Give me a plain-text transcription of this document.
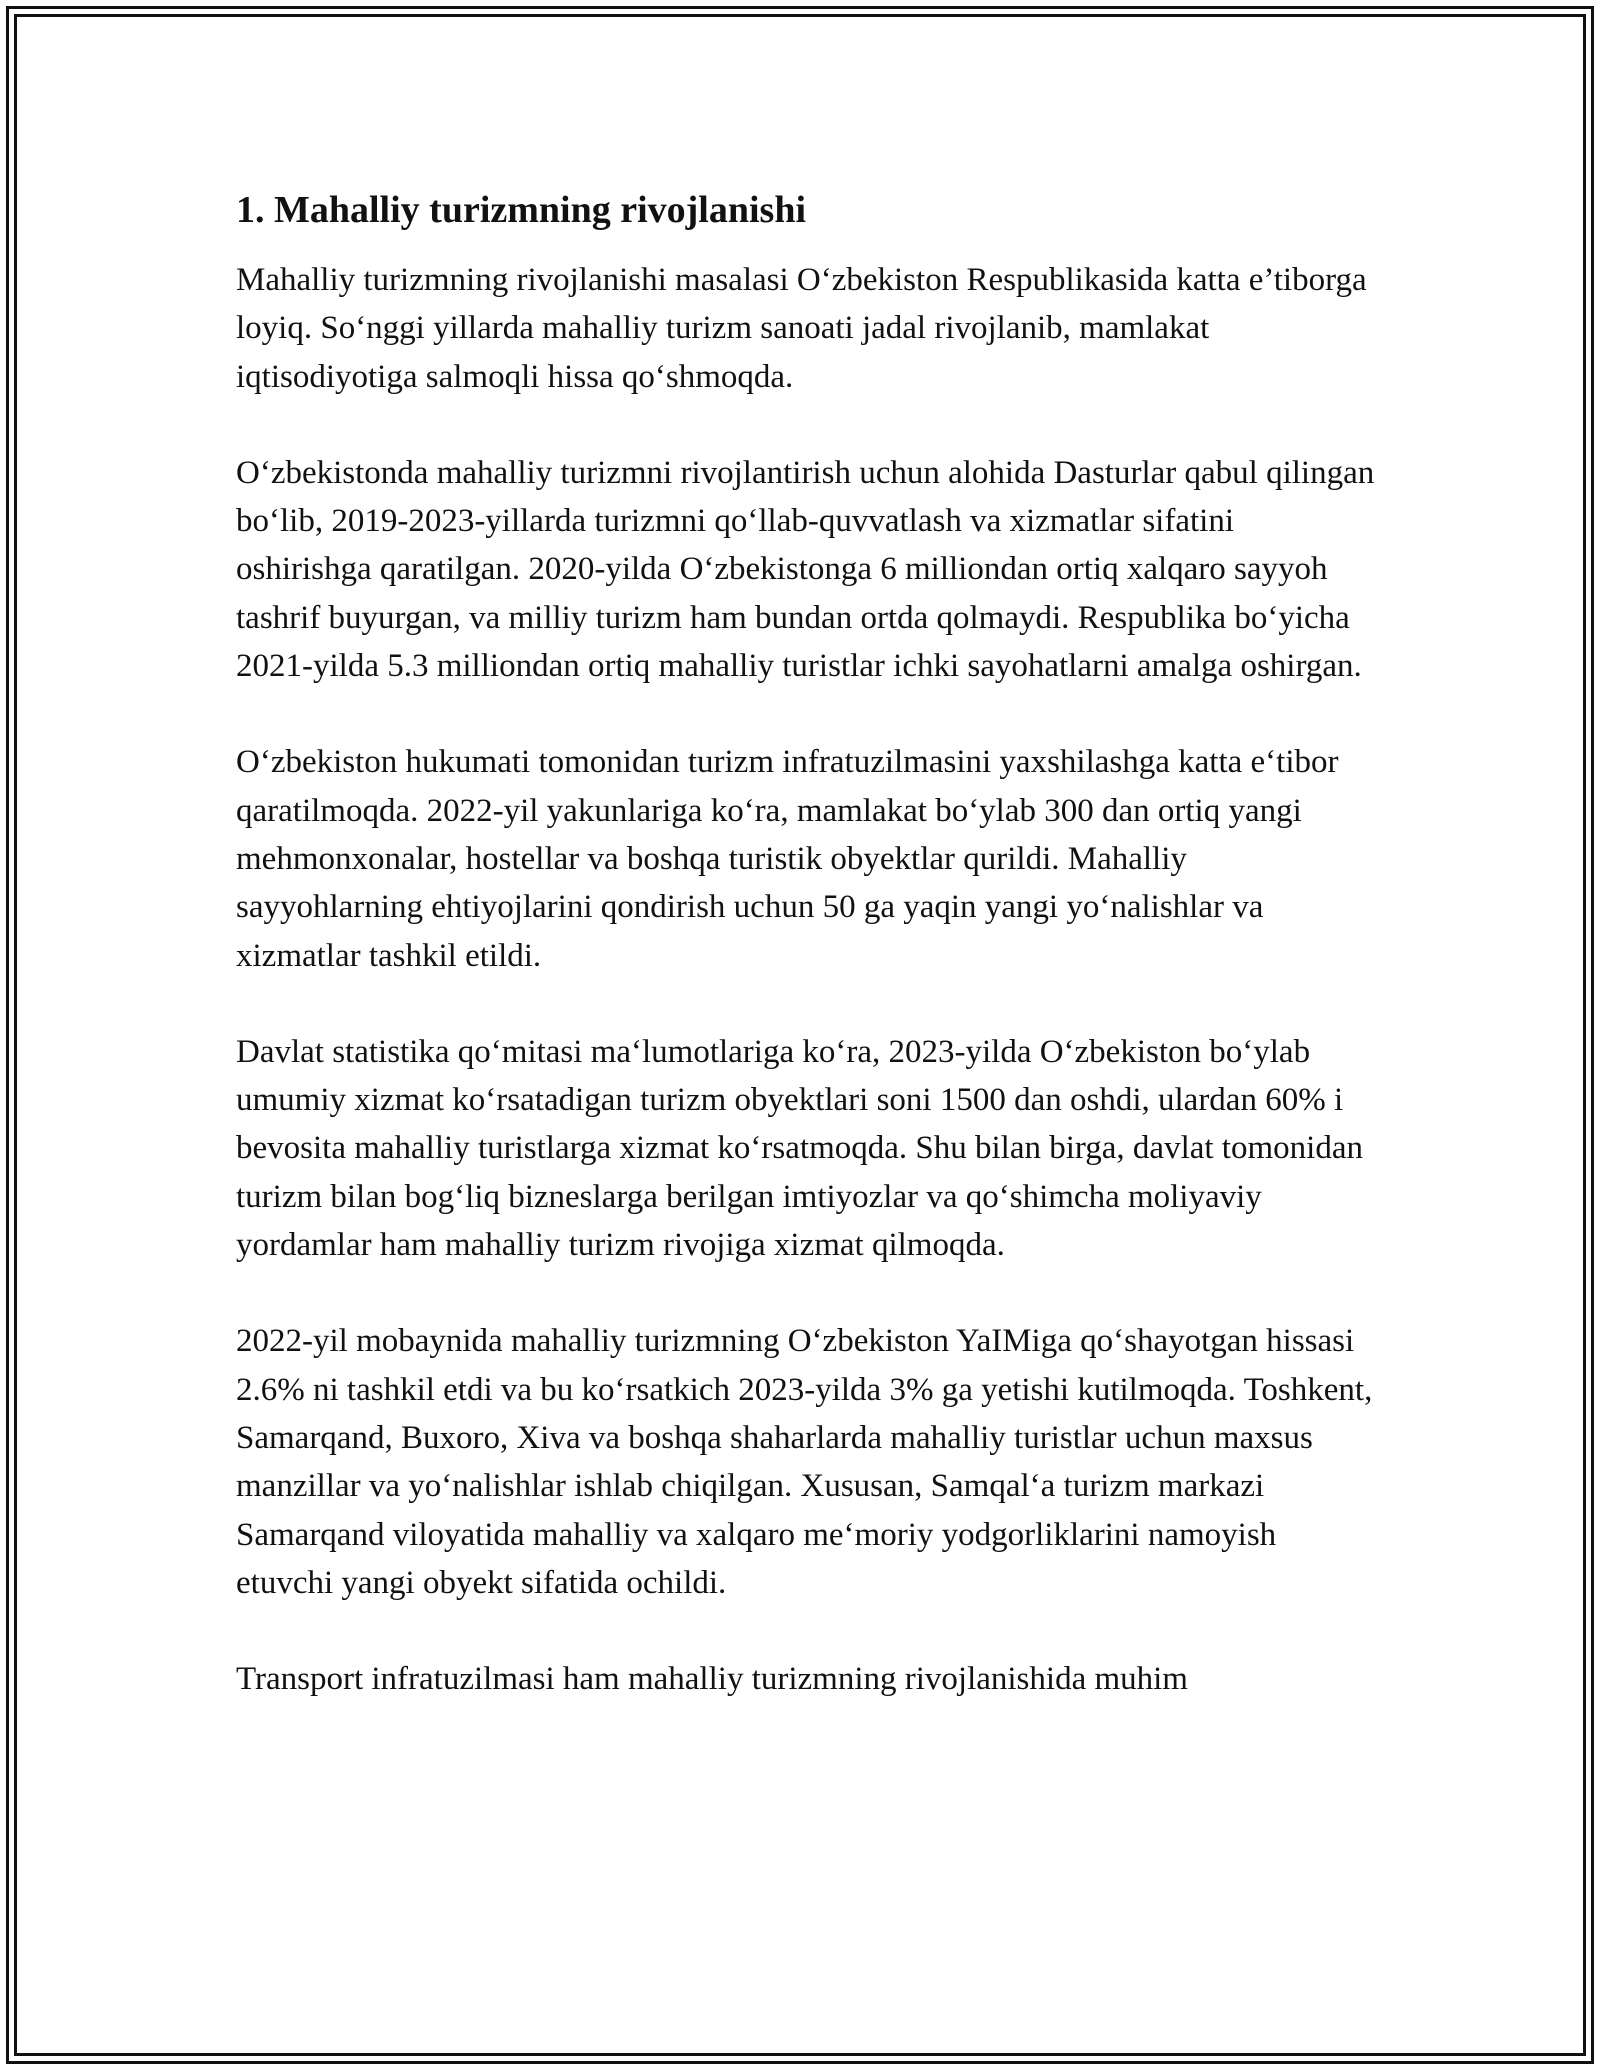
1. Mahalliy turizmning rivojlanishi

Mahalliy turizmning rivojlanishi masalasi O‘zbekiston Respublikasida katta e’tiborga loyiq. So‘nggi yillarda mahalliy turizm sanoati jadal rivojlanib, mamlakat iqtisodiyotiga salmoqli hissa qo‘shmoqda.

O‘zbekistonda mahalliy turizmni rivojlantirish uchun alohida Dasturlar qabul qilingan bo‘lib, 2019-2023-yillarda turizmni qo‘llab-quvvatlash va xizmatlar sifatini oshirishga qaratilgan. 2020-yilda O‘zbekistonga 6 milliondan ortiq xalqaro sayyoh tashrif buyurgan, va milliy turizm ham bundan ortda qolmaydi. Respublika bo‘yicha 2021-yilda 5.3 milliondan ortiq mahalliy turistlar ichki sayohatlarni amalga oshirgan.

O‘zbekiston hukumati tomonidan turizm infratuzilmasini yaxshilashga katta e‘tibor qaratilmoqda. 2022-yil yakunlariga ko‘ra, mamlakat bo‘ylab 300 dan ortiq yangi mehmonxonalar, hostellar va boshqa turistik obyektlar qurildi. Mahalliy sayyohlarning ehtiyojlarini qondirish uchun 50 ga yaqin yangi yo‘nalishlar va xizmatlar tashkil etildi.

Davlat statistika qo‘mitasi ma‘lumotlariga ko‘ra, 2023-yilda O‘zbekiston bo‘ylab umumiy xizmat ko‘rsatadigan turizm obyektlari soni 1500 dan oshdi, ulardan 60% i bevosita mahalliy turistlarga xizmat ko‘rsatmoqda. Shu bilan birga, davlat tomonidan turizm bilan bog‘liq bizneslarga berilgan imtiyozlar va qo‘shimcha moliyaviy yordamlar ham mahalliy turizm rivojiga xizmat qilmoqda.

2022-yil mobaynida mahalliy turizmning O‘zbekiston YaIMiga qo‘shayotgan hissasi 2.6% ni tashkil etdi va bu ko‘rsatkich 2023-yilda 3% ga yetishi kutilmoqda. Toshkent, Samarqand, Buxoro, Xiva va boshqa shaharlarda mahalliy turistlar uchun maxsus manzillar va yo‘nalishlar ishlab chiqilgan. Xususan, Samqal‘a turizm markazi Samarqand viloyatida mahalliy va xalqaro me‘moriy yodgorliklarini namoyish etuvchi yangi obyekt sifatida ochildi.

Transport infratuzilmasi ham mahalliy turizmning rivojlanishida muhim
